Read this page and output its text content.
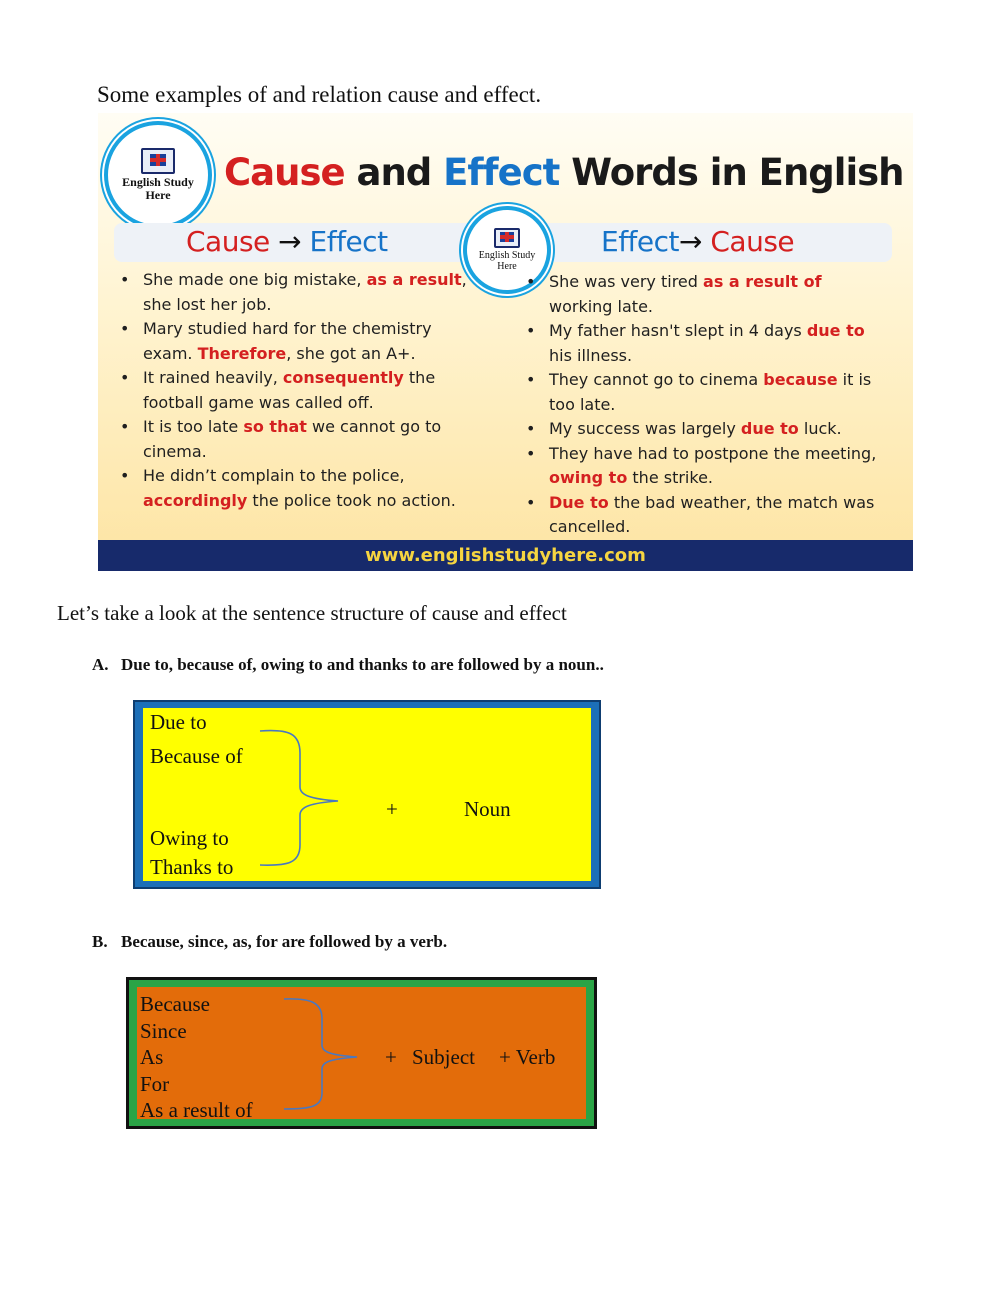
Some examples of and relation cause and effect.
English Study
Here
Cause and Effect Words in English
Cause → Effect	Effect→ Cause
English Study
Here
• She made one big mistake, as a result, she lost her job.
• Mary studied hard for the chemistry exam. Therefore, she got an A+.
• It rained heavily, consequently the football game was called off.
• It is too late so that we cannot go to cinema.
• He didn’t complain to the police, accordingly the police took no action.
• She was very tired as a result of working late.
• My father hasn't slept in 4 days due to his illness.
• They cannot go to cinema because it is too late.
• My success was largely due to luck.
• They have had to postpone the meeting, owing to the strike.
• Due to the bad weather, the match was cancelled.
www.englishstudyhere.com
Let’s take a look at the sentence structure of cause and effect
A. Due to, because of, owing to and thanks to are followed by a noun..
Due to
Because of
Owing to
Thanks to
+	Noun
B. Because, since, as, for are followed by a verb.
Because
Since
As
For
As a result of
+ Subject + Verb
